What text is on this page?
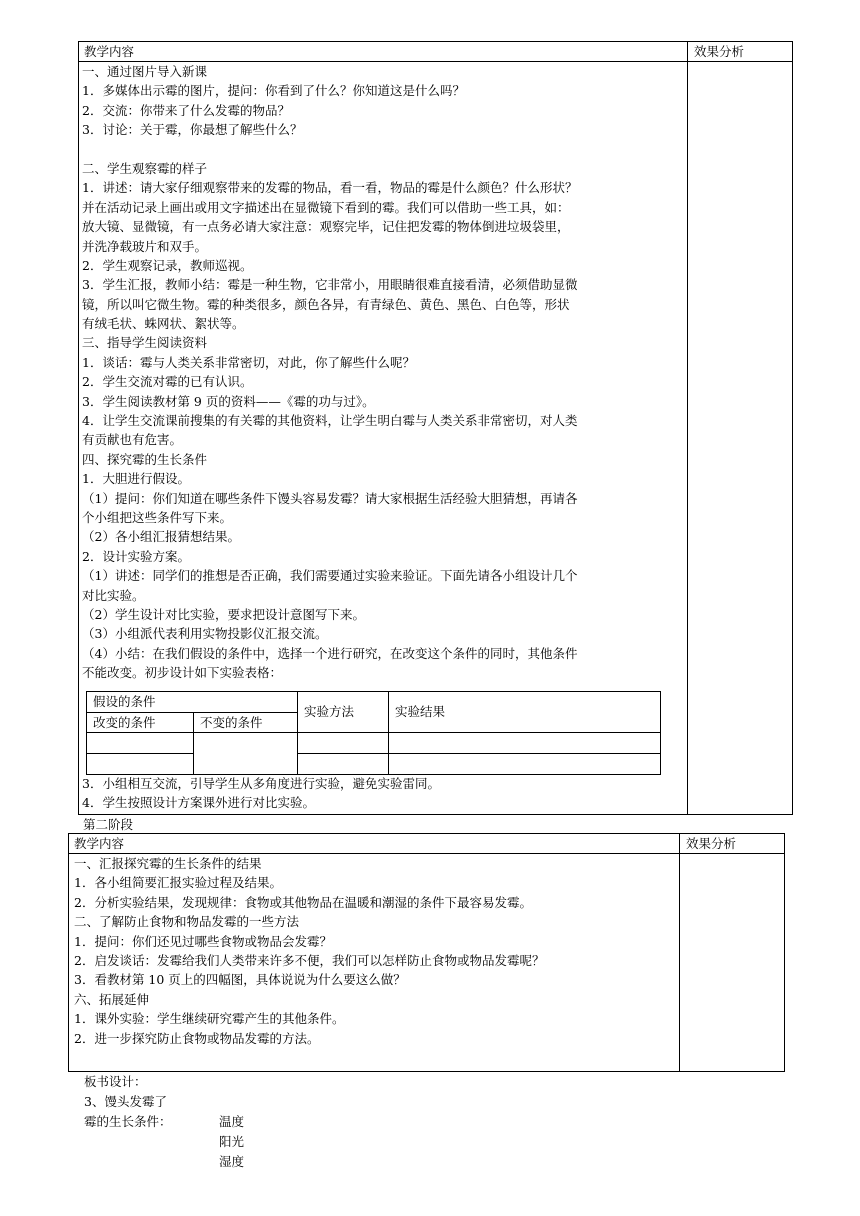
教学内容	效果分析
一、通过图片导入新课
1．多媒体出示霉的图片，提问：你看到了什么？你知道这是什么吗？
2．交流：你带来了什么发霉的物品？
3．讨论：关于霉，你最想了解些什么？
二、学生观察霉的样子
1．讲述：请大家仔细观察带来的发霉的物品，看一看，物品的霉是什么颜色？什么形状？
并在活动记录上画出或用文字描述出在显微镜下看到的霉。我们可以借助一些工具，如：
放大镜、显微镜，有一点务必请大家注意：观察完毕，记住把发霉的物体倒进垃圾袋里，
并洗净载玻片和双手。
2．学生观察记录，教师巡视。
3．学生汇报，教师小结：霉是一种生物，它非常小，用眼睛很难直接看清，必须借助显微
镜，所以叫它微生物。霉的种类很多，颜色各异，有青绿色、黄色、黑色、白色等，形状
有绒毛状、蛛网状、絮状等。
三、指导学生阅读资料
1．谈话：霉与人类关系非常密切，对此，你了解些什么呢？
2．学生交流对霉的已有认识。
3．学生阅读教材第 9 页的资料——《霉的功与过》。
4．让学生交流课前搜集的有关霉的其他资料，让学生明白霉与人类关系非常密切，对人类
有贡献也有危害。
四、探究霉的生长条件
1．大胆进行假设。
（1）提问：你们知道在哪些条件下馒头容易发霉？请大家根据生活经验大胆猜想，再请各
个小组把这些条件写下来。
（2）各小组汇报猜想结果。
2．设计实验方案。
（1）讲述：同学们的推想是否正确，我们需要通过实验来验证。下面先请各小组设计几个
对比实验。
（2）学生设计对比实验，要求把设计意图写下来。
（3）小组派代表利用实物投影仪汇报交流。
（4）小结：在我们假设的条件中，选择一个进行研究，在改变这个条件的同时，其他条件
不能改变。初步设计如下实验表格：
假设的条件		实验方法	实验结果
改变的条件	不变的条件		

3．小组相互交流，引导学生从多角度进行实验，避免实验雷同。
4．学生按照设计方案课外进行对比实验。
第二阶段
教学内容	效果分析
一、汇报探究霉的生长条件的结果
1．各小组简要汇报实验过程及结果。
2．分析实验结果，发现规律：食物或其他物品在温暖和潮湿的条件下最容易发霉。
二、了解防止食物和物品发霉的一些方法
1．提问：你们还见过哪些食物或物品会发霉？
2．启发谈话：发霉给我们人类带来许多不便，我们可以怎样防止食物或物品发霉呢？
3．看教材第 10 页上的四幅图，具体说说为什么要这么做？
六、拓展延伸
1．课外实验：学生继续研究霉产生的其他条件。
2．进一步探究防止食物或物品发霉的方法。
板书设计：
3、馒头发霉了
霉的生长条件：	温度
阳光
湿度
